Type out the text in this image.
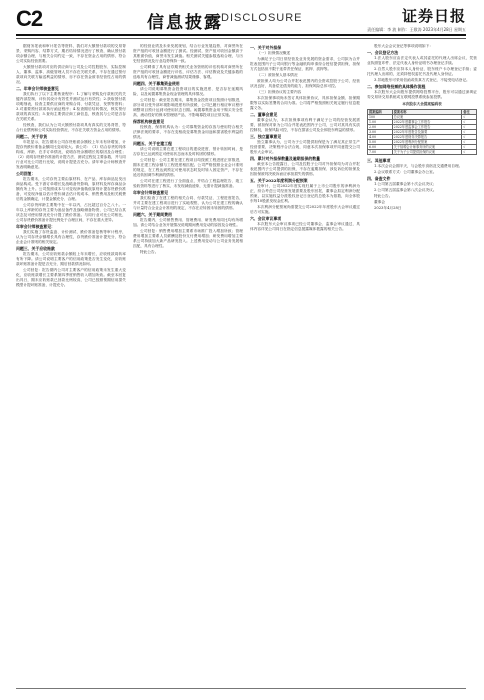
C2	信息披露
DISCLOSURE	证券日报
责任编辑：李 波 制作：王敬涛 2023年4月28日 星期五

据财务报表和审计报告等资料，我们对大额预付款项的交易背景、采购内容、结算方式、期后结转情况进行了核查，确认预付款项余额合理，与相关合同约定一致，不存在资金占用的情形，符合公司实际经营需要。

大额预付款项对应的供应商与公司及公司控股股东、实际控制人、董事、监事、高级管理人员不存在关联关系，不存在通过预付款项向关联方输送利益的情形，亦不存在资金被非经营性占用的情况。

二、年审会计师核查意见

我们执行了以下主要核查程序：1.了解与采购及付款相关的关键内部控制，评价其设计有效性并测试运行有效性；2.获取预付款项明细表，检查主要供应商的采购合同、付款凭证、发票等资料；3.对重要预付款项执行函证程序；4.检查期后结转情况，核实预付款项的真实性；5.查询主要供应商工商信息，核查其与公司是否存在关联关系。

经核查，我们认为公司大额预付款项具有真实的交易背景，符合行业惯例和公司实际经营情况，不存在关联方资金占用的情形。

问题二、关于存货

年报显示，报告期末公司存货账面余额较上年末有所增加，计提存货跌价准备金额同比变动较大。请公司：（1）结合存货的具体构成、库龄、在手订单情况，说明存货余额增长的原因及合理性；（2）说明存货跌价准备的计提方法、测试过程及主要参数，并与同行业可比公司进行比较，说明计提是否充分。请年审会计师核查并发表明确意见。

公司回复：

报告期末，公司存货主要由原材料、在产品、库存商品及发出商品构成。受下游订单增长及战略备货影响，原材料及库存商品余额有所上升。公司按照成本与可变现净值孰低原则计提存货跌价准备，可变现净值以估计售价减去估计的成本、销售费用及相关税费后的金额确定，计提金额充分、合理。

公司存货库龄主要集中在一年以内，占比超过百分之八十。一年以上库龄的存货主要为备品备件及战略储备物资，公司已结合其状态及可使用情况充分计提了跌价准备。与同行业可比公司相比，公司存货跌价准备计提比例处于合理区间，不存在重大差异。

年审会计师核查意见：

我们实施了存货监盘、计价测试、跌价准备复核等审计程序，认为公司存货余额增长具有合理性，存货跌价准备计提充分，符合企业会计准则的相关规定。

问题三、关于应收账款

报告期末，公司应收账款余额较上年末增长，应收账款周转率有所下降。请公司说明主要客户的信用政策是否发生变化，应收账款坏账准备计提是否充分，期后回款情况如何。

公司回复：报告期内公司对主要客户的信用政策未发生重大变化，应收账款增长主要系第四季度销售收入增加所致。截至本回复出具日，期末应收账款已回款比例较高，公司已按照预期信用损失模型计提坏账准备，计提充分。

的经营业绩及未来发展规划，结合行业发展趋势，对商誉所在资产组的可收回金额进行了测试。经测试，资产组可收回金额高于其账面价值，商誉未发生减值。相关测试关键参数选取合理，与历史经营情况及行业趋势保持一致。

公司聘请了具有证券期货相关业务资格的评估机构对商誉所在资产组的可收回金额进行评估，评估方法、评估假设及关键参数的选取具有合理性，商誉减值测试结果谨慎、客观。

问题四、关于募集资金使用

请公司说明募集资金投资项目的实施进度、是否存在延期风险，以及闲置募集资金现金管理的具体情况。

公司回复：截至报告期末，募集资金投资项目按照计划推进，部分项目受外部环境影响进度有所放缓，公司已履行相应审议程序调整项目预计达到可使用状态日期。闲置募集资金用于购买安全性高、流动性好的保本型理财产品，不影响募投项目正常实施。

保荐机构核查意见

经核查，保荐机构认为：公司募集资金的存放与使用符合相关法律法规的要求，不存在变相改变募集资金用途和损害股东利益的情况。

问题五、关于在建工程

请公司说明主要在建工程项目的建设进度、预计转固时间，是否存在已达到预定可使用状态而未及时转固的情形。

公司回复：公司主要在建工程项目均按照工程进度正常推进，期末在建工程余额与工程进度相匹配。公司严格按照企业会计准则的规定，在工程达到预定可使用状态时及时转入固定资产，不存在延迟转固调节利润的情形。

公司对在建工程进行了全面盘点，并结合工程监理报告、竣工验收资料等进行了核实，未发现减值迹象，无需计提减值准备。

年审会计师核查意见

我们检查了在建工程的相关合同、付款凭证、工程进度报告，并对主要在建工程项目进行了实地观察，认为公司在建工程的确认与计量符合企业会计准则的规定，不存在应转固未转固的情形。

问题六、关于期间费用

报告期内，公司销售费用、管理费用、研发费用同比均有所增加。请公司结合业务开展情况说明期间费用变动的原因及合理性。

公司回复：销售费用增加主要系市场推广投入增加所致；管理费用增加主要系人员薪酬及股份支付费用增加；研发费用增加主要系公司持续加大新产品研发投入。上述费用变动与公司业务发展相匹配，具有合理性。

特此公告。

一、关于对外担保

（一）担保情况概述

为满足子公司日常经营及业务发展的资金需求，公司拟为合并报表范围内子公司向银行等金融机构申请综合授信提供担保，担保方式包括但不限于连带责任保证、抵押、质押等。

（二）被担保人基本情况

被担保人均为公司合并报表范围内的全资或控股子公司，经营状况良好，具备偿还债务的能力，担保风险总体可控。

（三）担保协议的主要内容

本次担保事项尚未签订具体担保协议，具体担保金额、担保期限等以实际签署的合同为准。公司将严格按照相关规定履行信息披露义务。

二、董事会意见

董事会认为，本次担保事项有利于满足子公司的经营发展需要，被担保对象为公司合并报表范围内子公司，公司对其具有实质控制权，担保风险可控，不存在损害公司及全体股东利益的情形。

三、独立董事意见

独立董事认为，公司为子公司提供担保是为了满足其正常生产经营需要，决策程序合法合规，同意本次担保事项并同意提交公司股东大会审议。

四、累计对外担保数量及逾期担保的数量

截至本公告披露日，公司及控股子公司对外担保均为对合并报表范围内子公司提供的担保，不存在逾期担保、涉及诉讼的担保及因担保被判决败诉而应承担损失的情形。

五、关于2022年度利润分配预案

经审计，公司2022年度实现归属于上市公司股东的净利润为正，综合考虑公司经营发展需要及股东回报，董事会拟定利润分配预案，以实施权益分派股权登记日登记的总股本为基数，向全体股东每10股派发现金红利。

本次利润分配预案尚需提交公司2022年年度股东大会审议通过后方可实施。

六、会议审议事项

本次股东大会审议事项已经公司董事会、监事会审议通过，具体内容详见公司同日在指定信息披露媒体披露的相关公告。

股东大会会议登记等事项说明如下：

一、会议登记方法

1.法人股东应由法定代表人或其委托的代理人出席会议，凭营业执照复印件、法定代表人身份证明书办理登记手续。

2.自然人股东应持本人身份证、股东账户卡办理登记手续；委托代理人出席的，还须持授权委托书及代理人身份证。

3.异地股东可采用信函或传真方式登记，不接受电话登记。

二、参加网络投票的具体操作流程

本次股东大会向股东提供网络投票平台，股东可以通过深圳证券交易所交易系统或互联网投票系统参加投票。

本次股东大会提案编码表
提案编码	提案名称	备注
100	总议案	√
1.00	2022年度董事会工作报告	√
2.00	2022年度监事会工作报告	√
3.00	2022年年度报告及摘要	√
4.00	2022年度财务决算报告	√
5.00	2022年度利润分配预案	√
6.00	关于续聘会计师事务所的议案	√
7.00	关于为子公司提供担保的议案	√
三、其他事项

1.本次会议会期半天，与会股东食宿及交通费用自理。

2.会议联系方式：公司董事会办公室。

四、备查文件

1.公司第五届董事会第十次会议决议；

2.公司第五届监事会第八次会议决议。

特此公告。

董事会

2023年4月28日
